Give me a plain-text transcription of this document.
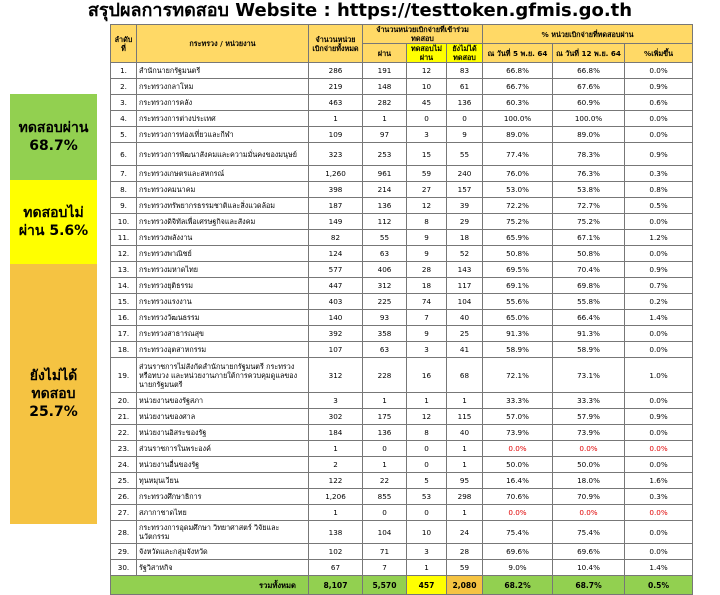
สรุปผลการทดสอบ Website : https://testtoken.gfmis.go.th
ทดสอบผ่าน 68.7%
ทดสอบไม่ผ่าน 5.6%
ยังไม่ได้ทดสอบ 25.7%
ลำดับที่	กระทรวง / หน่วยงาน	จำนวนหน่วยเบิกจ่ายทั้งหมด	จำนวนหน่วยเบิกจ่ายที่เข้าร่วมทดสอบ			% หน่วยเบิกจ่ายที่ทดสอบผ่าน		
			ผ่าน	ทดสอบไม่ผ่าน	ยังไม่ได้ทดสอบ	ณ วันที่ 5 พ.ย. 64	ณ วันที่ 12 พ.ย. 64	%เพิ่มขึ้น
1.	สำนักนายกรัฐมนตรี	286	191	12	83	66.8%	66.8%	0.0%
2.	กระทรวงกลาโหม	219	148	10	61	66.7%	67.6%	0.9%
3.	กระทรวงการคลัง	463	282	45	136	60.3%	60.9%	0.6%
4.	กระทรวงการต่างประเทศ	1	1	0	0	100.0%	100.0%	0.0%
5.	กระทรวงการท่องเที่ยวและกีฬา	109	97	3	9	89.0%	89.0%	0.0%
6.	กระทรวงการพัฒนาสังคมและความมั่นคงของมนุษย์	323	253	15	55	77.4%	78.3%	0.9%
7.	กระทรวงเกษตรและสหกรณ์	1,260	961	59	240	76.0%	76.3%	0.3%
8.	กระทรวงคมนาคม	398	214	27	157	53.0%	53.8%	0.8%
9.	กระทรวงทรัพยากรธรรมชาติและสิ่งแวดล้อม	187	136	12	39	72.2%	72.7%	0.5%
10.	กระทรวงดิจิทัลเพื่อเศรษฐกิจและสังคม	149	112	8	29	75.2%	75.2%	0.0%
11.	กระทรวงพลังงาน	82	55	9	18	65.9%	67.1%	1.2%
12.	กระทรวงพาณิชย์	124	63	9	52	50.8%	50.8%	0.0%
13.	กระทรวงมหาดไทย	577	406	28	143	69.5%	70.4%	0.9%
14.	กระทรวงยุติธรรม	447	312	18	117	69.1%	69.8%	0.7%
15.	กระทรวงแรงงาน	403	225	74	104	55.6%	55.8%	0.2%
16.	กระทรวงวัฒนธรรม	140	93	7	40	65.0%	66.4%	1.4%
17.	กระทรวงสาธารณสุข	392	358	9	25	91.3%	91.3%	0.0%
18.	กระทรวงอุตสาหกรรม	107	63	3	41	58.9%	58.9%	0.0%
19.	ส่วนราชการไม่สังกัดสำนักนายกรัฐมนตรี กระทรวง หรือทบวง และหน่วยงานภายใต้การควบคุมดูแลของนายกรัฐมนตรี	312	228	16	68	72.1%	73.1%	1.0%
20.	หน่วยงานของรัฐสภา	3	1	1	1	33.3%	33.3%	0.0%
21.	หน่วยงานของศาล	302	175	12	115	57.0%	57.9%	0.9%
22.	หน่วยงานอิสระของรัฐ	184	136	8	40	73.9%	73.9%	0.0%
23.	ส่วนราชการในพระองค์	1	0	0	1	0.0%	0.0%	0.0%
24.	หน่วยงานอื่นของรัฐ	2	1	0	1	50.0%	50.0%	0.0%
25.	ทุนหมุนเวียน	122	22	5	95	16.4%	18.0%	1.6%
26.	กระทรวงศึกษาธิการ	1,206	855	53	298	70.6%	70.9%	0.3%
27.	สภากาชาดไทย	1	0	0	1	0.0%	0.0%	0.0%
28.	กระทรวงการอุดมศึกษา วิทยาศาสตร์ วิจัยและนวัตกรรม	138	104	10	24	75.4%	75.4%	0.0%
29.	จังหวัดและกลุ่มจังหวัด	102	71	3	28	69.6%	69.6%	0.0%
30.	รัฐวิสาหกิจ	67	7	1	59	9.0%	10.4%	1.4%
รวมทั้งหมด		8,107	5,570	457	2,080	68.2%	68.7%	0.5%
